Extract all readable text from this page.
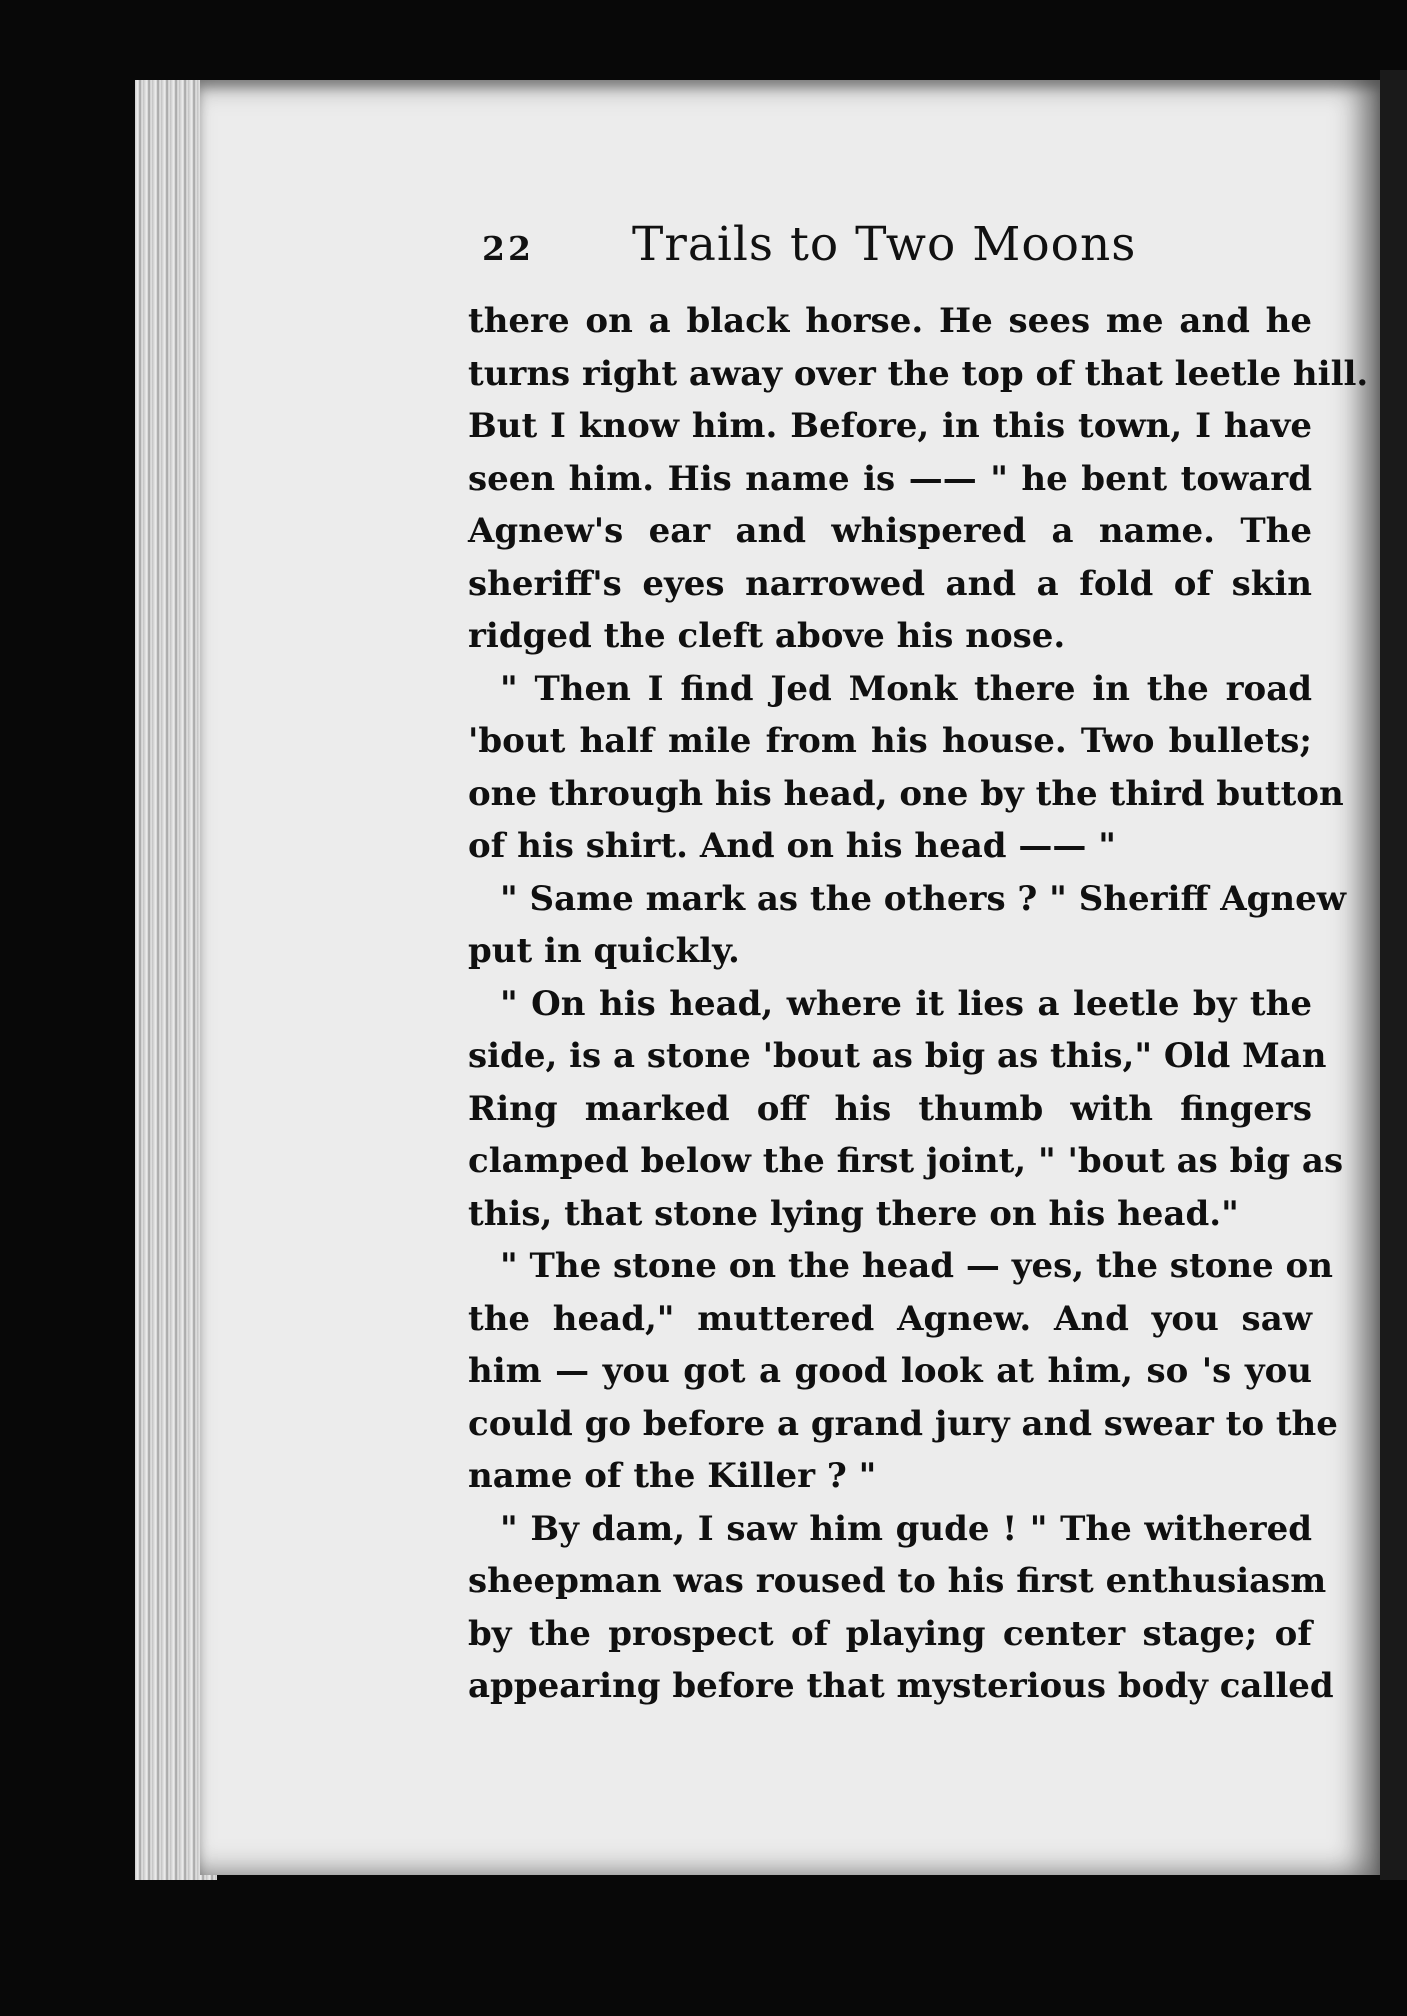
22 Trails to Two Moons
there on a black horse. He sees me and he
turns right away over the top of that leetle hill.
But I know him. Before, in this town, I have
seen him. His name is —— " he bent toward
Agnew's ear and whispered a name. The
sheriff's eyes narrowed and a fold of skin
ridged the cleft above his nose.
" Then I find Jed Monk there in the road
'bout half mile from his house. Two bullets;
one through his head, one by the third button
of his shirt. And on his head —— "
" Same mark as the others ? " Sheriff Agnew
put in quickly.
" On his head, where it lies a leetle by the
side, is a stone 'bout as big as this," Old Man
Ring marked off his thumb with fingers
clamped below the first joint, " 'bout as big as
this, that stone lying there on his head."
" The stone on the head — yes, the stone on
the head," muttered Agnew. And you saw
him — you got a good look at him, so 's you
could go before a grand jury and swear to the
name of the Killer ? "
" By dam, I saw him gude ! " The withered
sheepman was roused to his first enthusiasm
by the prospect of playing center stage; of
appearing before that mysterious body called
